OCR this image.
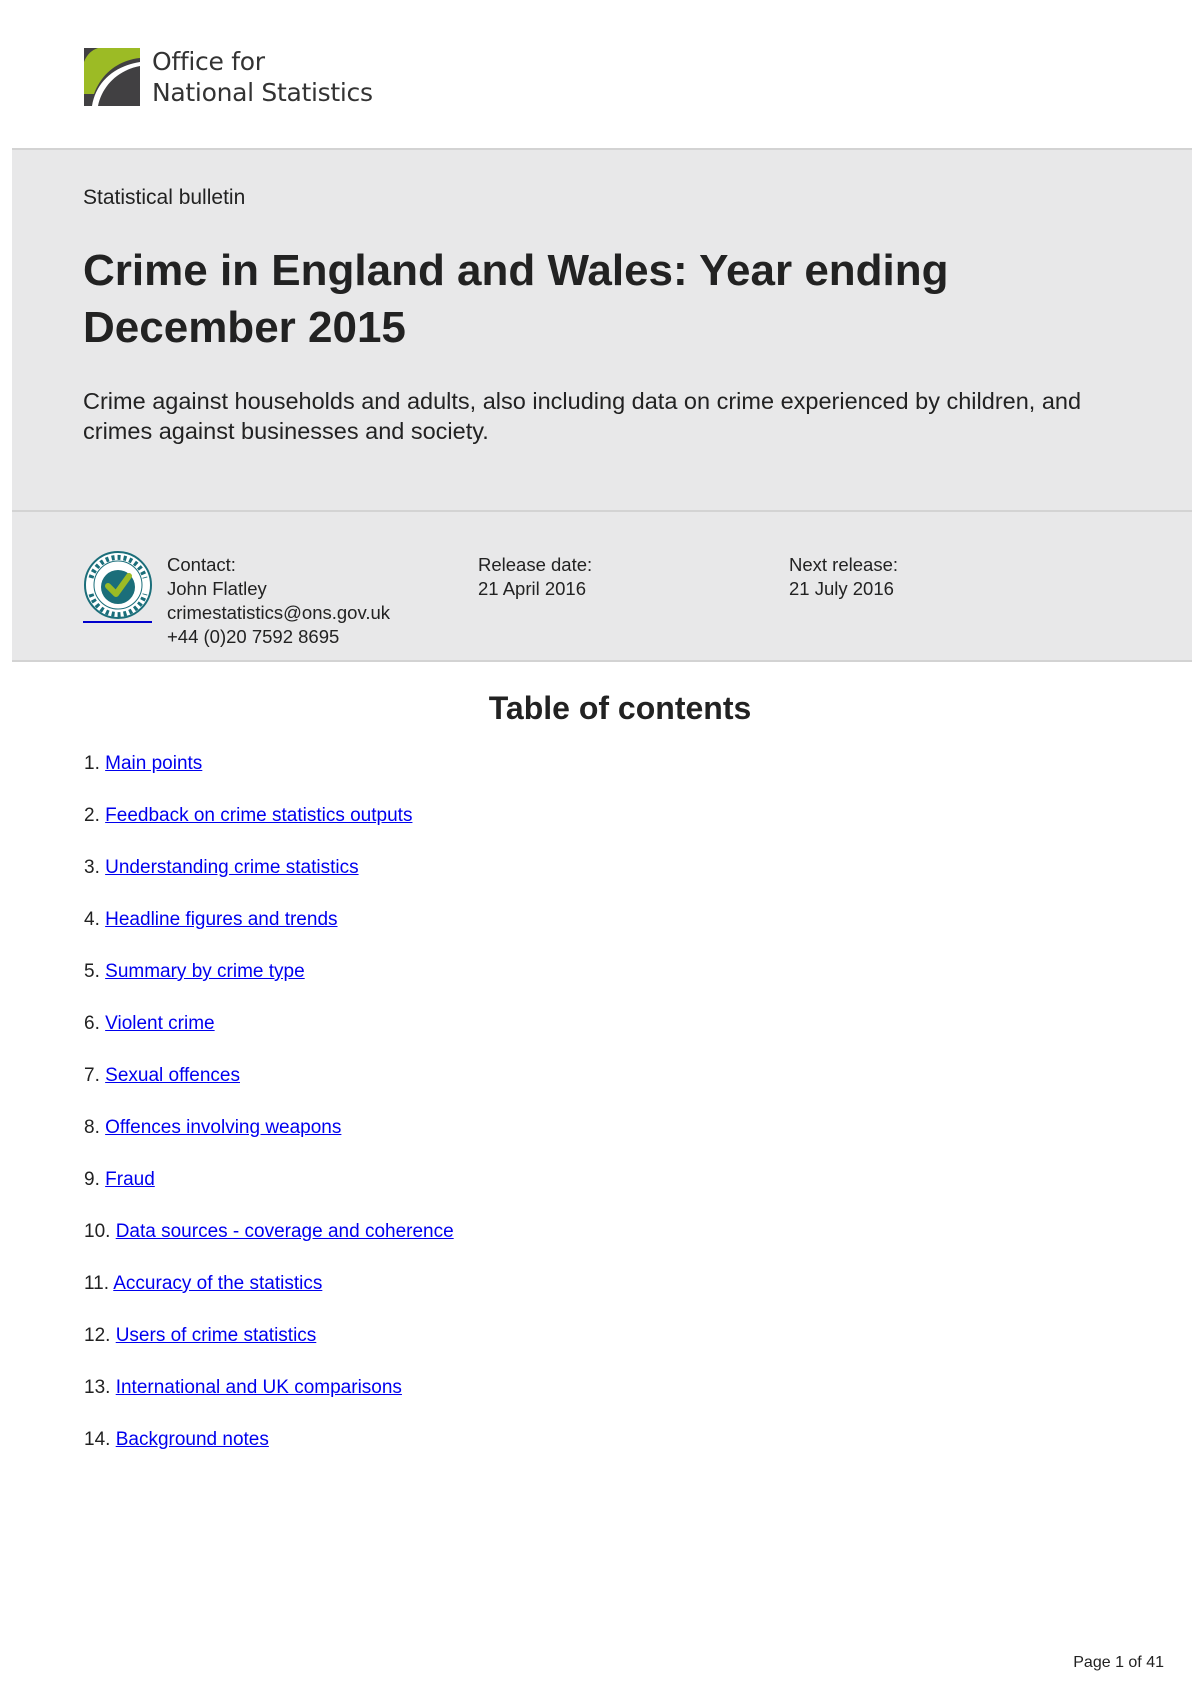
Office for
National Statistics
Statistical bulletin
Crime in England and Wales: Year ending December 2015

Crime against households and adults, also including data on crime experienced by children, and crimes against businesses and society.

Contact:
John Flatley
crimestatistics@ons.gov.uk
+44 (0)20 7592 8695
Release date:
21 April 2016
Next release:
21 July 2016
Table of contents
1. Main points
2. Feedback on crime statistics outputs
3. Understanding crime statistics
4. Headline figures and trends
5. Summary by crime type
6. Violent crime
7. Sexual offences
8. Offences involving weapons
9. Fraud
10. Data sources - coverage and coherence
11. Accuracy of the statistics
12. Users of crime statistics
13. International and UK comparisons
14. Background notes
Page 1 of 41
